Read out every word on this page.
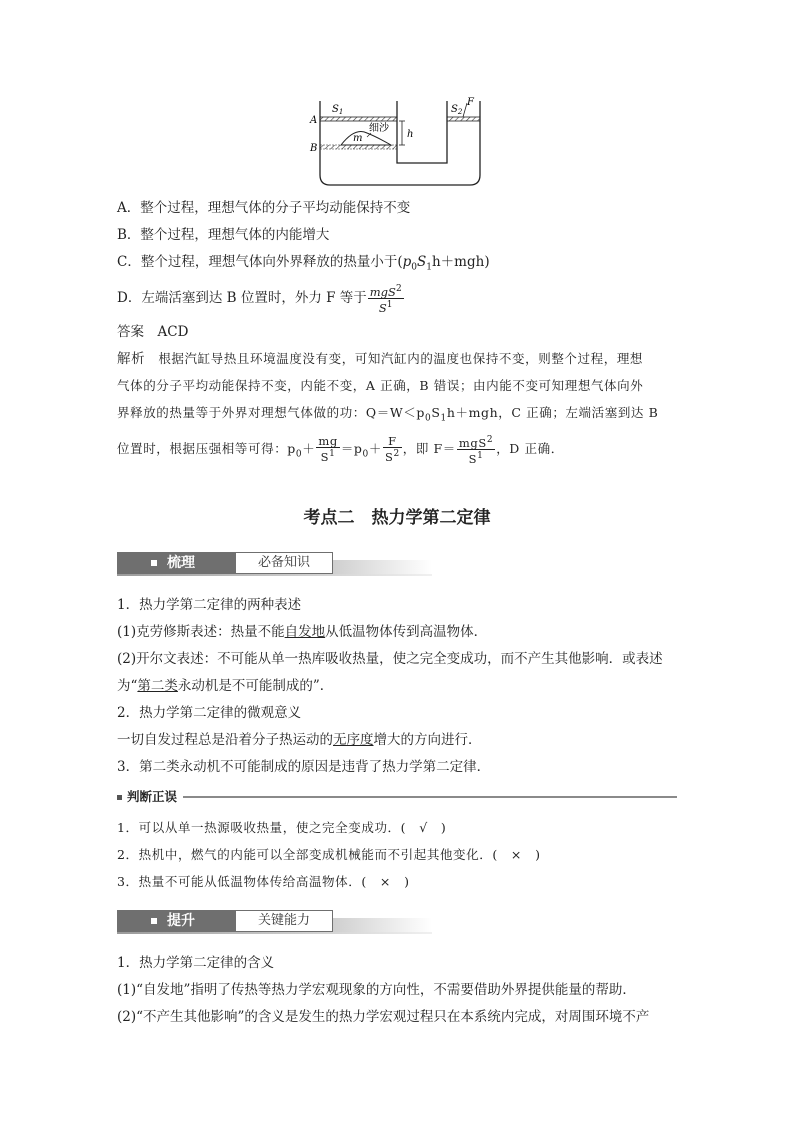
$S_1$	$S_2$
F
A
B
m
细沙
h
A．整个过程，理想气体的分子平均动能保持不变
B．整个过程，理想气体的内能增大
C．整个过程，理想气体向外界释放的热量小于$(p_0S_1h+mgh)$
D．左端活塞到达 B 位置时，外力 F 等于 $\frac{mgS^2}{S^1}$
答案　 ACD
解析　 根据汽缸导热且环境温度没有变，可知汽缸内的温度也保持不变，则整个过程，理想
气体的分子平均动能保持不变，内能不变，A 正确，B 错误；由内能不变可知理想气体向外
界释放的热量等于外界对理想气体做的功：$Q=W<p_0S_1h+mgh$，C 正确；左端活塞到达 B
位置时，根据压强相等可得：$p_0+ \frac{mg}{S^1} =p_0+ \frac{F}{S^2}$ ，即 $F= \frac{mgS^2}{S^1}$ ，D 正确．
考点二　热力学第二定律
梳理	必备知识
1．热力学第二定律的两种表述
(1)克劳修斯表述：热量不能自发地从低温物体传到高温物体．
(2)开尔文表述：不可能从单一热库吸收热量，使之完全变成功，而不产生其他影响．或表述
为“第二类永动机是不可能制成的”．
2．热力学第二定律的微观意义
一切自发过程总是沿着分子热运动的无序度增大的方向进行．
3．第二类永动机不可能制成的原因是违背了热力学第二定律．
判断正误
1．可以从单一热源吸收热量，使之完全变成功．(　√　)
2．热机中，燃气的内能可以全部变成机械能而不引起其他变化．(　×　)
3．热量不可能从低温物体传给高温物体．(　×　)
提升	关键能力
1．热力学第二定律的含义
(1)“自发地”指明了传热等热力学宏观现象的方向性，不需要借助外界提供能量的帮助．
(2)“不产生其他影响”的含义是发生的热力学宏观过程只在本系统内完成，对周围环境不产
